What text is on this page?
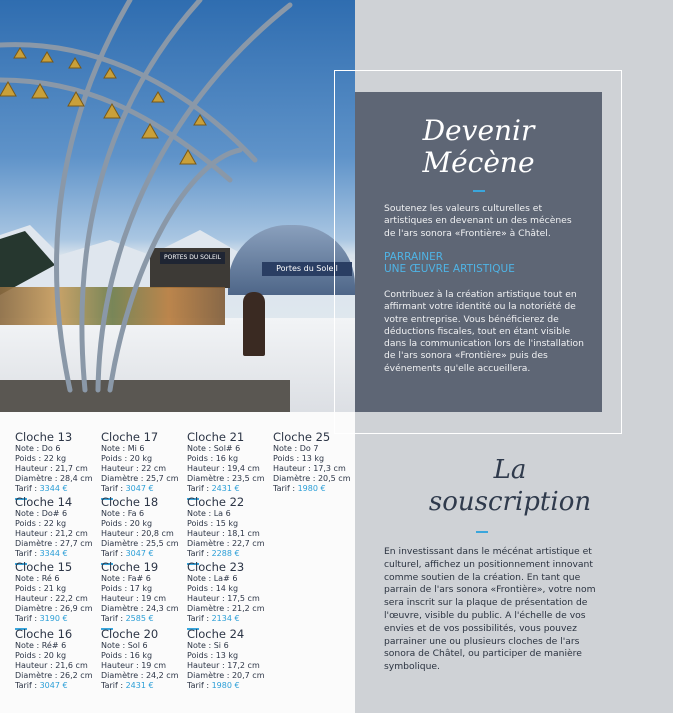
Portes du Soleil
PORTES DU SOLEIL
Devenir
Mécène
Soutenez les valeurs culturelles et artistiques en devenant un des mécènes de l'ars sonora «Frontière» à Châtel.
PARRAINER
UNE ŒUVRE ARTISTIQUE
Contribuez à la création artistique tout en affirmant votre identité ou la notoriété de votre entreprise. Vous bénéficierez de déductions fiscales, tout en étant visible dans la communication lors de l'installation de l'ars sonora «Frontière» puis des événements qu'elle accueillera.
La
souscription
En investissant dans le mécénat artistique et culturel, affichez un positionnement innovant comme soutien de la création. En tant que parrain de l'ars sonora «Frontière», votre nom sera inscrit sur la plaque de présentation de l'œuvre, visible du public. A l'échelle de vos envies et de vos possibilités, vous pouvez parrainer une ou plusieurs cloches de l'ars sonora de Châtel, ou participer de manière symbolique.
Cloche 13
Note : Do 6
Poids : 22 kg
Hauteur : 21,7 cm
Diamètre : 28,4 cm
Tarif : 3344 €
Cloche 14
Note : Do# 6
Poids : 22 kg
Hauteur : 21,2 cm
Diamètre : 27,7 cm
Tarif : 3344 €
Cloche 15
Note : Ré 6
Poids : 21 kg
Hauteur : 22,2 cm
Diamètre : 26,9 cm
Tarif : 3190 €
Cloche 16
Note : Ré# 6
Poids : 20 kg
Hauteur : 21,6 cm
Diamètre : 26,2 cm
Tarif : 3047 €
Cloche 17
Note : Mi 6
Poids : 20 kg
Hauteur : 22 cm
Diamètre : 25,7 cm
Tarif : 3047 €
Cloche 18
Note : Fa 6
Poids : 20 kg
Hauteur : 20,8 cm
Diamètre : 25,5 cm
Tarif : 3047 €
Cloche 19
Note : Fa# 6
Poids : 17 kg
Hauteur : 19 cm
Diamètre : 24,3 cm
Tarif : 2585 €
Cloche 20
Note : Sol 6
Poids : 16 kg
Hauteur : 19 cm
Diamètre : 24,2 cm
Tarif : 2431 €
Cloche 21
Note : Sol# 6
Poids : 16 kg
Hauteur : 19,4 cm
Diamètre : 23,5 cm
Tarif : 2431 €
Cloche 22
Note : La 6
Poids : 15 kg
Hauteur : 18,1 cm
Diamètre : 22,7 cm
Tarif : 2288 €
Cloche 23
Note : La# 6
Poids : 14 kg
Hauteur : 17,5 cm
Diamètre : 21,2 cm
Tarif : 2134 €
Cloche 24
Note : Si 6
Poids : 13 kg
Hauteur : 17,2 cm
Diamètre : 20,7 cm
Tarif : 1980 €
Cloche 25
Note : Do 7
Poids : 13 kg
Hauteur : 17,3 cm
Diamètre : 20,5 cm
Tarif : 1980 €
